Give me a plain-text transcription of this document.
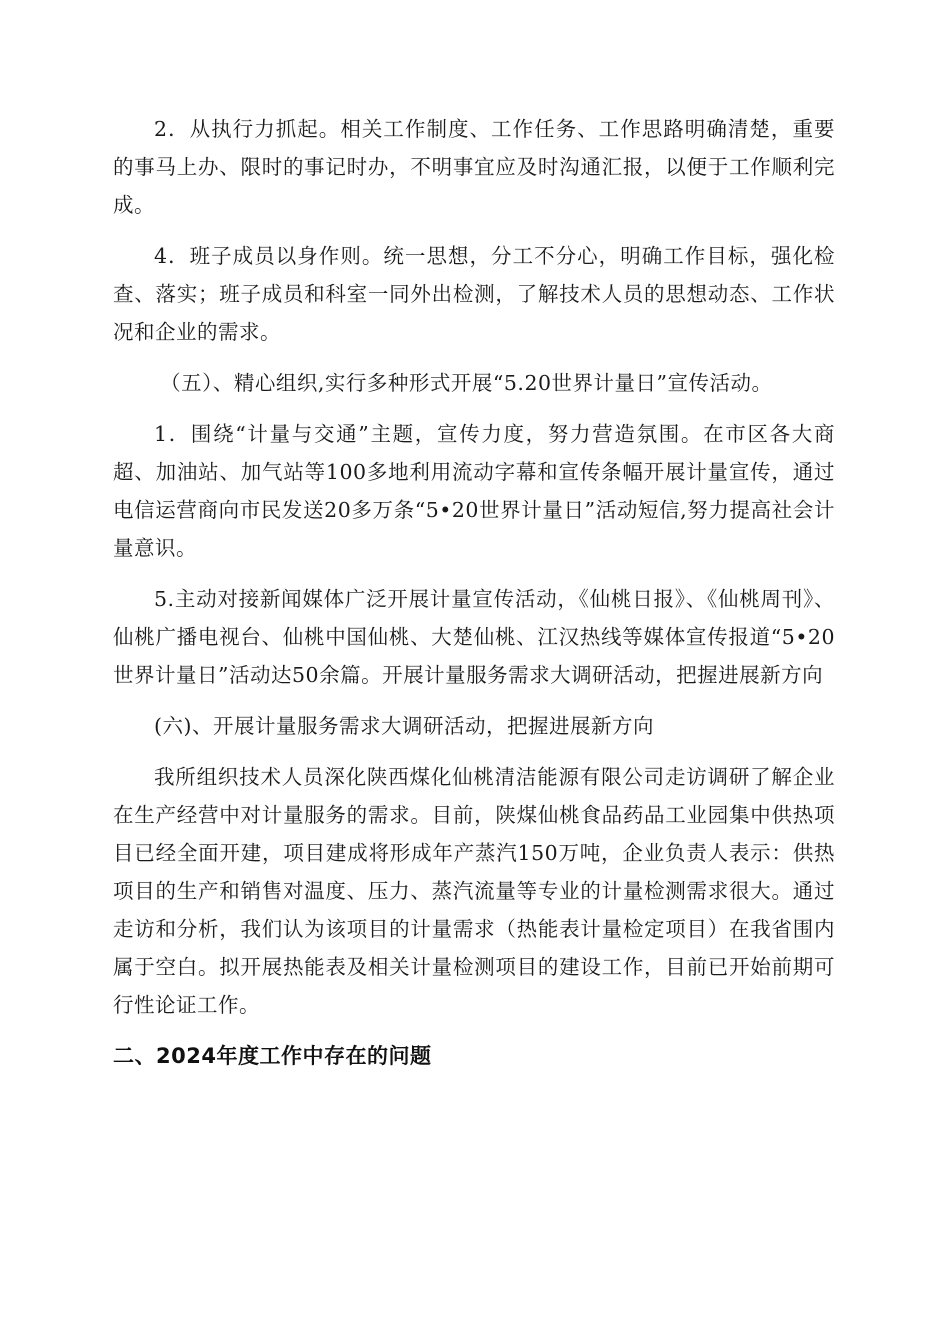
2．从执行力抓起。相关工作制度、工作任务、工作思路明确清楚，重要的事马上办、限时的事记时办，不明事宜应及时沟通汇报，以便于工作顺利完成。

4．班子成员以身作则。统一思想，分工不分心，明确工作目标，强化检查、落实；班子成员和科室一同外出检测，了解技术人员的思想动态、工作状况和企业的需求。

（五）、精心组织,实行多种形式开展“5.20世界计量日”宣传活动。

1．围绕“计量与交通”主题，宣传力度，努力营造氛围。在市区各大商超、加油站、加气站等100多地利用流动字幕和宣传条幅开展计量宣传，通过电信运营商向市民发送20多万条“5•20世界计量日”活动短信,努力提高社会计量意识。

5.主动对接新闻媒体广泛开展计量宣传活动，《仙桃日报》、《仙桃周刊》、仙桃广播电视台、仙桃中国仙桃、大楚仙桃、江汉热线等媒体宣传报道“5•20世界计量日”活动达50余篇。开展计量服务需求大调研活动，把握进展新方向

(六)、开展计量服务需求大调研活动，把握进展新方向

我所组织技术人员深化陕西煤化仙桃清洁能源有限公司走访调研了解企业在生产经营中对计量服务的需求。目前，陕煤仙桃食品药品工业园集中供热项目已经全面开建，项目建成将形成年产蒸汽150万吨，企业负责人表示：供热项目的生产和销售对温度、压力、蒸汽流量等专业的计量检测需求很大。通过走访和分析，我们认为该项目的计量需求（热能表计量检定项目）在我省围内属于空白。拟开展热能表及相关计量检测项目的建设工作，目前已开始前期可行性论证工作。

二、2024年度工作中存在的问题
